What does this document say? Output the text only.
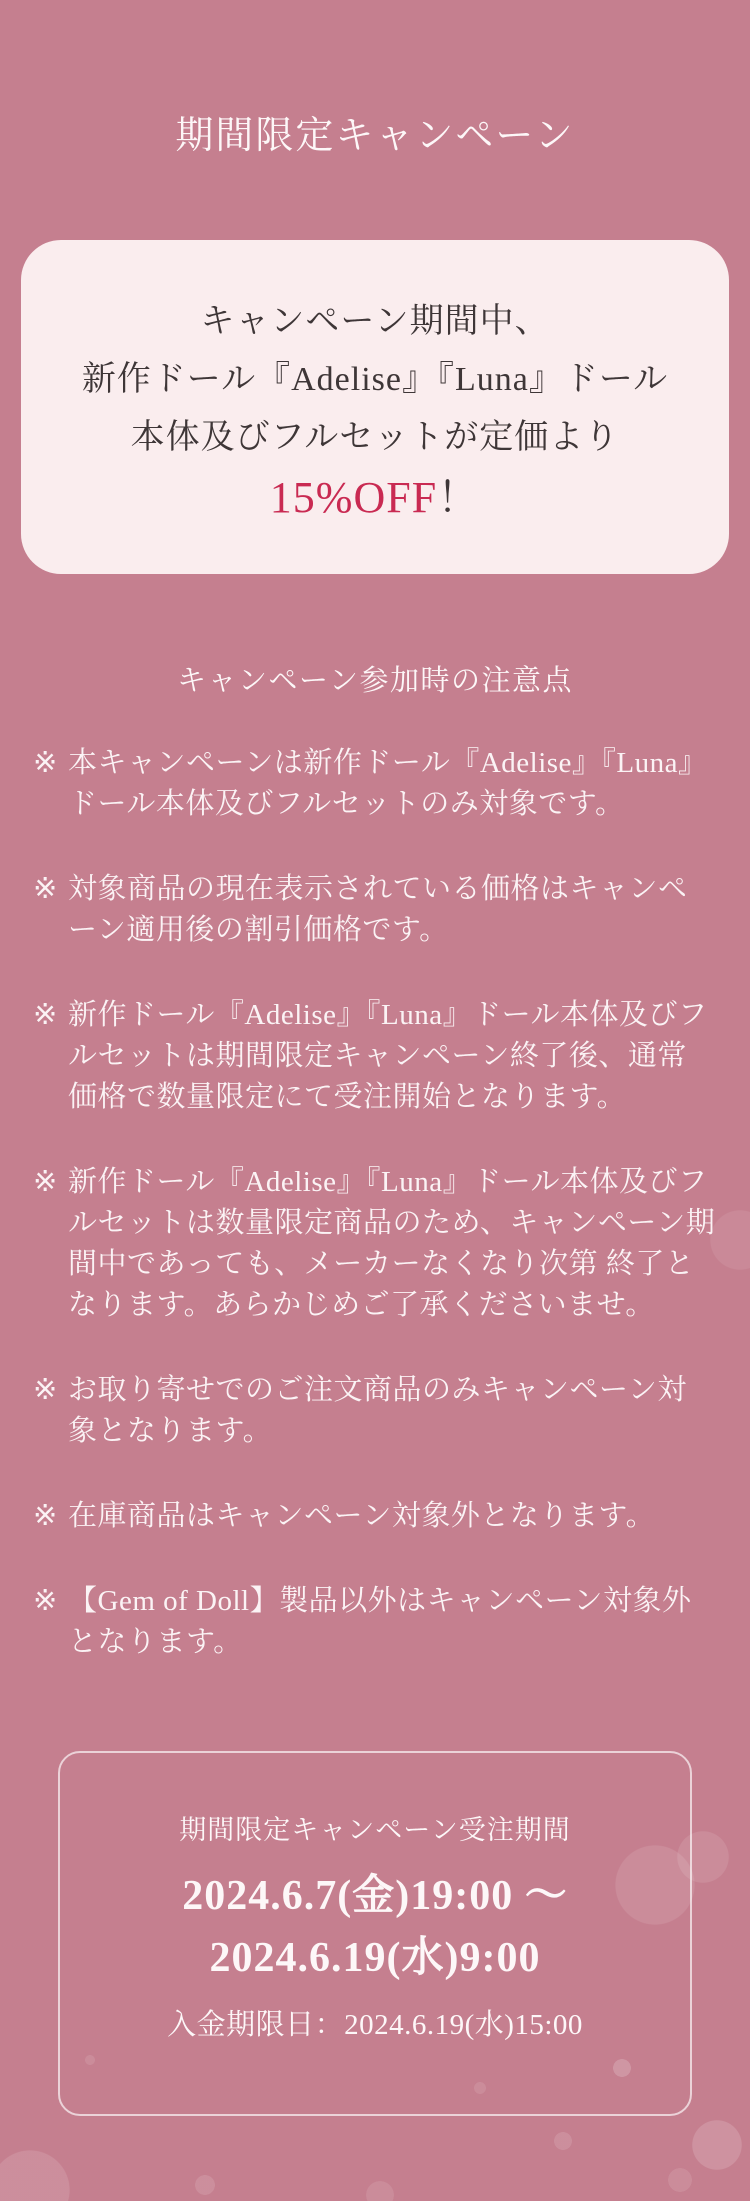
期間限定キャンペーン

キャンペーン期間中、

新作ドール『Adelise』『Luna』ドール

本体及びフルセットが定価より

15%OFF！

キャンペーン参加時の注意点
※ 本キャンペーンは新作ドール『Adelise』『Luna』ドール本体及びフルセットのみ対象です。
※ 対象商品の現在表示されている価格はキャンペーン適用後の割引価格です。
※ 新作ドール『Adelise』『Luna』ドール本体及びフルセットは期間限定キャンペーン終了後、通常価格で数量限定にて受注開始となります。
※ 新作ドール『Adelise』『Luna』ドール本体及びフルセットは数量限定商品のため、キャンペーン期間中であっても、メーカーなくなり次第 終了となります。あらかじめご了承くださいませ。
※ お取り寄せでのご注文商品のみキャンペーン対象となります。
※ 在庫商品はキャンペーン対象外となります。
※ 【Gem of Doll】製品以外はキャンペーン対象外となります。
期間限定キャンペーン受注期間

2024.6.7(金)19:00 〜

2024.6.19(水)9:00

入金期限日：2024.6.19(水)15:00
